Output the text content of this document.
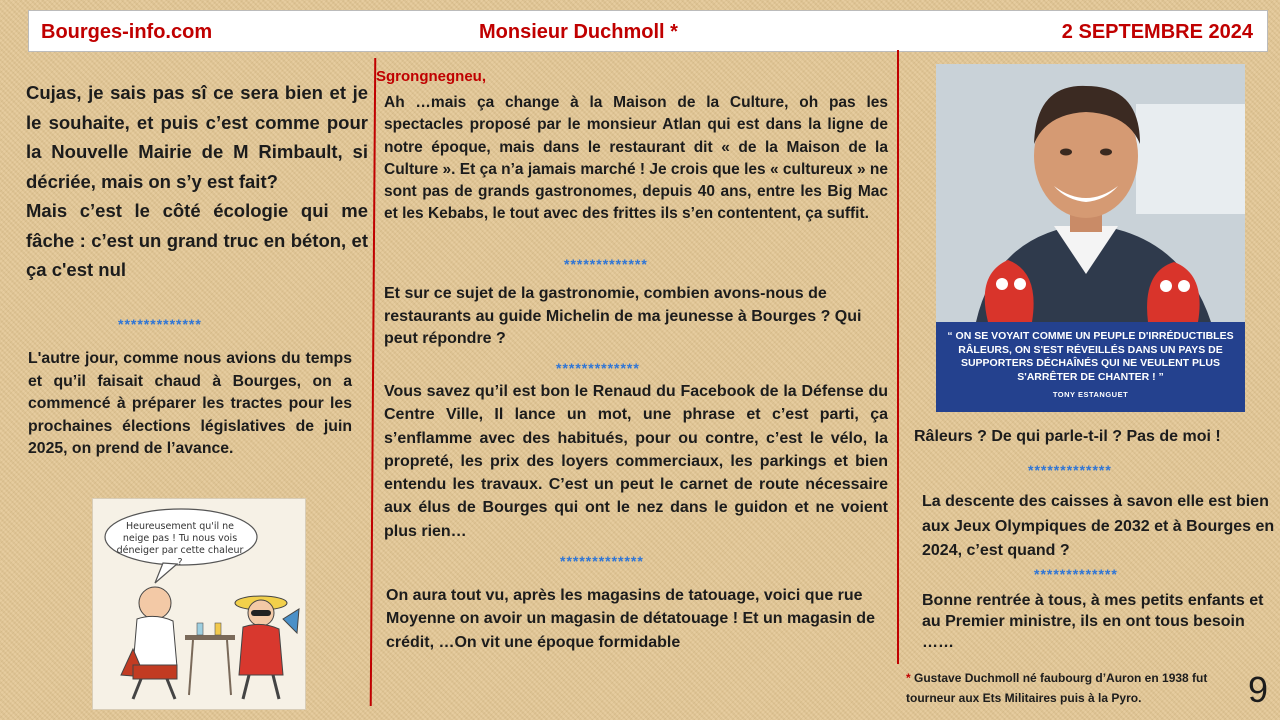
Bourges-info.com	Monsieur Duchmoll *	2 SEPTEMBRE 2024

Cujas, je sais pas sî ce sera bien et je le souhaite, et puis c’est comme pour la Nouvelle Mairie de M Rimbault, si décriée, mais on s’y est fait?

Mais c’est le côté écologie qui me fâche : c’est un grand truc en béton, et ça c'est nul

*************
L'autre jour, comme nous avions du temps et qu’il faisait chaud à Bourges, on a commencé à préparer les tractes pour les prochaines élections législatives de juin 2025, on prend de l’avance.
Heureusement qu'il ne neige pas ! Tu nous vois déneiger par cette chaleur ?
Sgrongnegneu,
Ah …mais ça change à la Maison de la Culture, oh pas les spectacles proposé par le monsieur Atlan qui est dans la ligne de notre époque, mais dans le restaurant dit « de la Maison de la Culture ». Et ça n’a jamais marché ! Je crois que les « cultureux » ne sont pas de grands gastronomes, depuis 40 ans, entre les Big Mac et les Kebabs, le tout avec des frittes ils s’en contentent, ça suffit.
*************
Et sur ce sujet de la gastronomie, combien avons-nous de restaurants au guide Michelin de ma jeunesse à Bourges ? Qui peut répondre ?
*************
Vous savez qu’il est bon le Renaud du Facebook de la Défense du Centre Ville, Il lance un mot, une phrase et c’est parti, ça s’enflamme avec des habitués, pour ou contre, c’est le vélo, la propreté, les prix des loyers commerciaux, les parkings et bien entendu les travaux. C’est un peut le carnet de route nécessaire aux élus de Bourges qui ont le nez dans le guidon et ne voient plus rien…
*************
On aura tout vu, après les magasins de tatouage, voici que rue Moyenne on avoir un magasin de détatouage ! Et un magasin de crédit, …On vit une époque formidable
“ ON SE VOYAIT COMME UN PEUPLE D'IRRÉDUCTIBLES RÂLEURS, ON S'EST RÉVEILLÉS DANS UN PAYS DE SUPPORTERS DÉCHAÎNÉS QUI NE VEULENT PLUS S'ARRÊTER DE CHANTER ! ”
TONY ESTANGUET
Râleurs ? De qui parle-t-il ? Pas de moi !
*************
La descente des caisses à savon elle est bien aux Jeux Olympiques de 2032 et à Bourges en 2024, c’est quand ?
*************
Bonne rentrée à tous, à mes petits enfants et au Premier ministre, ils en ont tous besoin ……
* Gustave Duchmoll né faubourg d’Auron en 1938 fut tourneur aux Ets Militaires puis à la Pyro.	9
